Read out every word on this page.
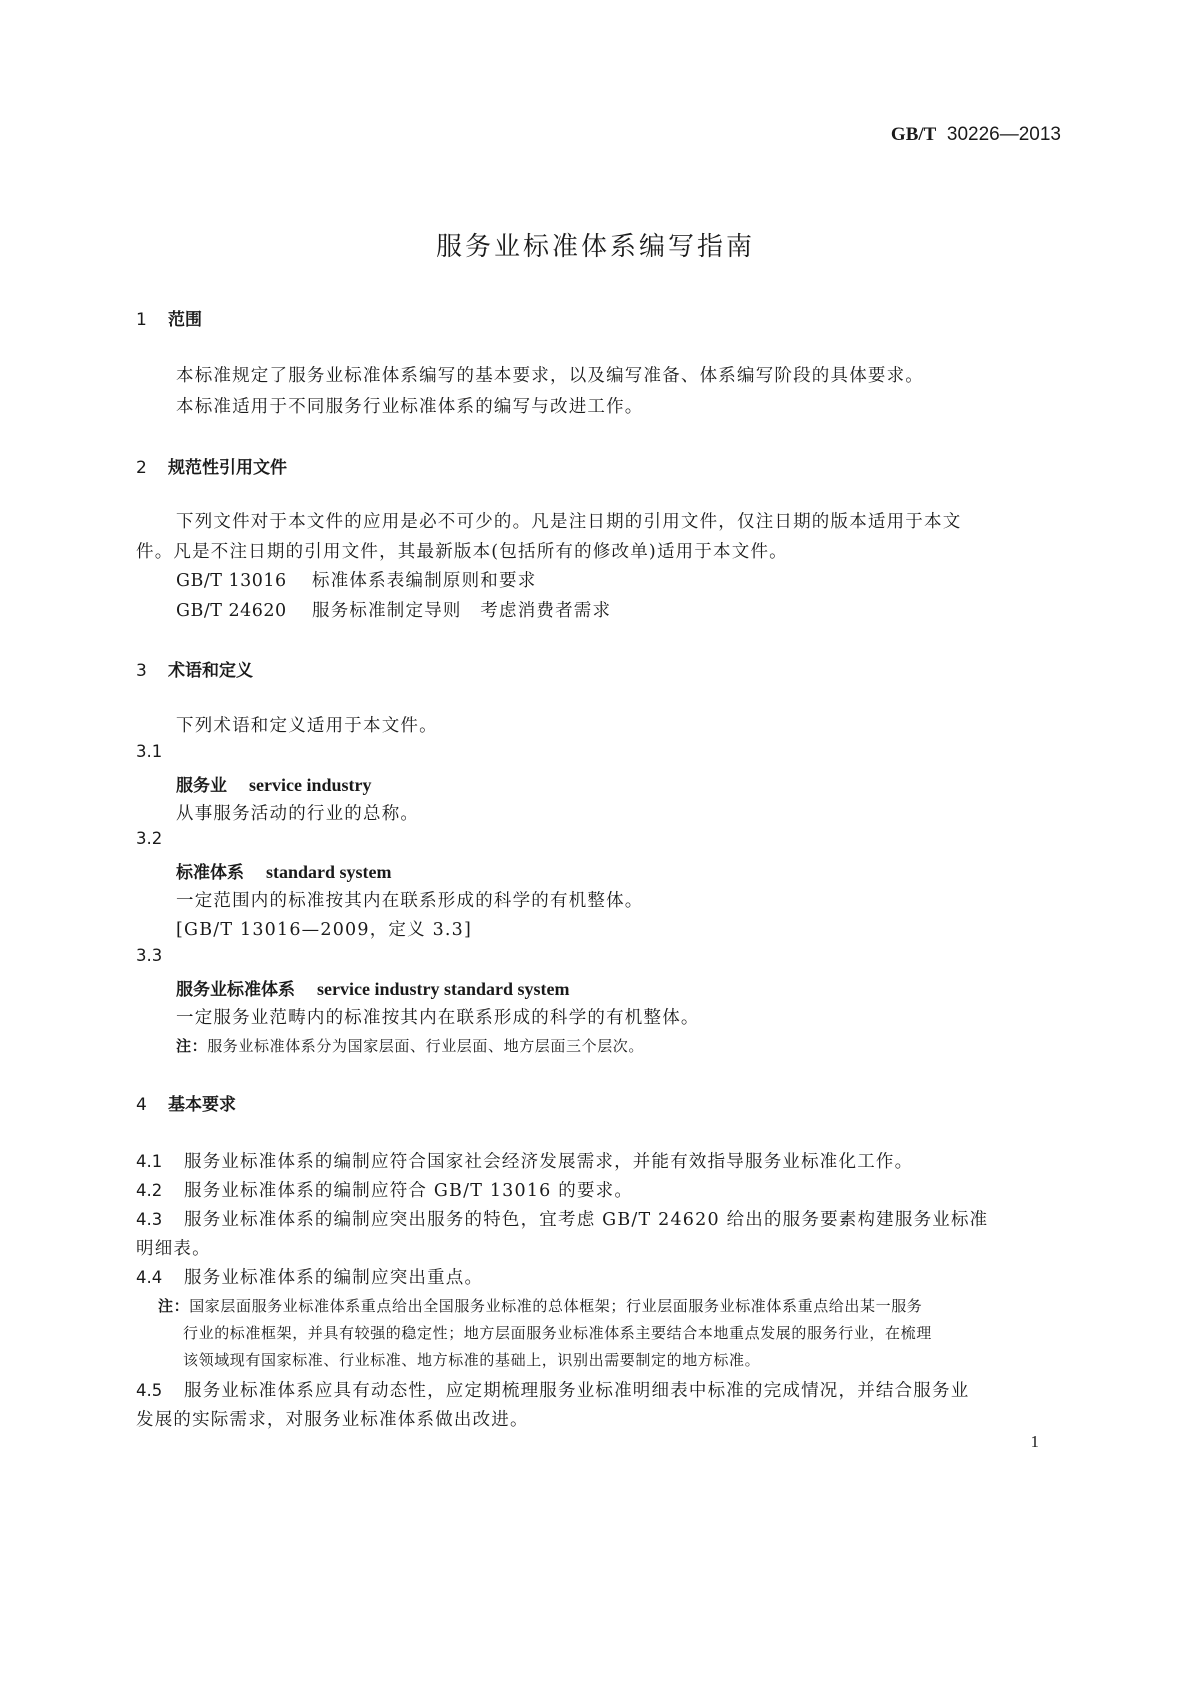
GB/T 30226—2013
服务业标准体系编写指南
1 范围
本标准规定了服务业标准体系编写的基本要求，以及编写准备、体系编写阶段的具体要求。
本标准适用于不同服务行业标准体系的编写与改进工作。
2 规范性引用文件
下列文件对于本文件的应用是必不可少的。凡是注日期的引用文件，仅注日期的版本适用于本文
件。凡是不注日期的引用文件，其最新版本(包括所有的修改单)适用于本文件。
GB/T 13016 标准体系表编制原则和要求
GB/T 24620 服务标准制定导则　考虑消费者需求
3 术语和定义
下列术语和定义适用于本文件。
3.1
服务业 service industry
从事服务活动的行业的总称。
3.2
标准体系 standard system
一定范围内的标准按其内在联系形成的科学的有机整体。
[GB/T 13016—2009，定义 3.3]
3.3
服务业标准体系 service industry standard system
一定服务业范畴内的标准按其内在联系形成的科学的有机整体。
注：服务业标准体系分为国家层面、行业层面、地方层面三个层次。
4 基本要求
4.1 服务业标准体系的编制应符合国家社会经济发展需求，并能有效指导服务业标准化工作。
4.2 服务业标准体系的编制应符合 GB/T 13016 的要求。
4.3 服务业标准体系的编制应突出服务的特色，宜考虑 GB/T 24620 给出的服务要素构建服务业标准
明细表。
4.4 服务业标准体系的编制应突出重点。
注：国家层面服务业标准体系重点给出全国服务业标准的总体框架；行业层面服务业标准体系重点给出某一服务
行业的标准框架，并具有较强的稳定性；地方层面服务业标准体系主要结合本地重点发展的服务行业，在梳理
该领域现有国家标准、行业标准、地方标准的基础上，识别出需要制定的地方标准。
4.5 服务业标准体系应具有动态性，应定期梳理服务业标准明细表中标准的完成情况，并结合服务业
发展的实际需求，对服务业标准体系做出改进。
1
